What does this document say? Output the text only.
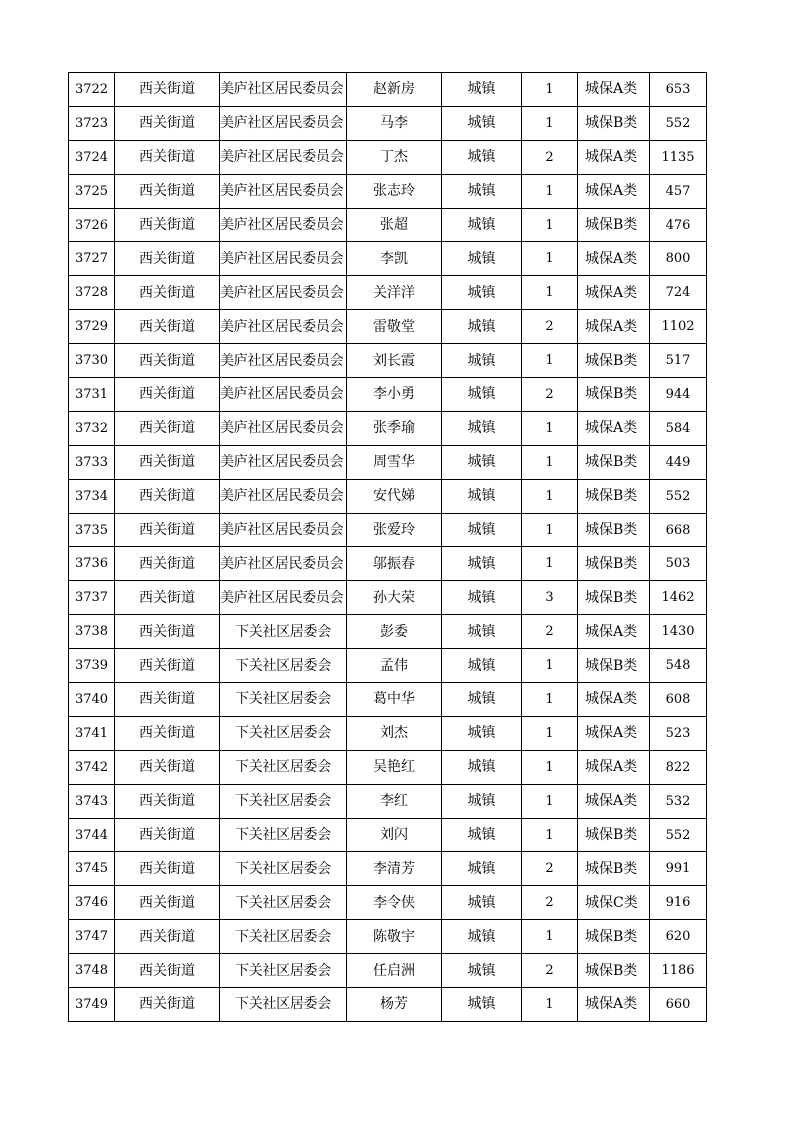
3722	西关街道	美庐社区居民委员会	赵新房	城镇	1	城保A类	653
3723	西关街道	美庐社区居民委员会	马李	城镇	1	城保B类	552
3724	西关街道	美庐社区居民委员会	丁杰	城镇	2	城保A类	1135
3725	西关街道	美庐社区居民委员会	张志玲	城镇	1	城保A类	457
3726	西关街道	美庐社区居民委员会	张超	城镇	1	城保B类	476
3727	西关街道	美庐社区居民委员会	李凯	城镇	1	城保A类	800
3728	西关街道	美庐社区居民委员会	关洋洋	城镇	1	城保A类	724
3729	西关街道	美庐社区居民委员会	雷敬堂	城镇	2	城保A类	1102
3730	西关街道	美庐社区居民委员会	刘长霞	城镇	1	城保B类	517
3731	西关街道	美庐社区居民委员会	李小勇	城镇	2	城保B类	944
3732	西关街道	美庐社区居民委员会	张季瑜	城镇	1	城保A类	584
3733	西关街道	美庐社区居民委员会	周雪华	城镇	1	城保B类	449
3734	西关街道	美庐社区居民委员会	安代娣	城镇	1	城保B类	552
3735	西关街道	美庐社区居民委员会	张爱玲	城镇	1	城保B类	668
3736	西关街道	美庐社区居民委员会	邬振春	城镇	1	城保B类	503
3737	西关街道	美庐社区居民委员会	孙大荣	城镇	3	城保B类	1462
3738	西关街道	下关社区居委会	彭委	城镇	2	城保A类	1430
3739	西关街道	下关社区居委会	孟伟	城镇	1	城保B类	548
3740	西关街道	下关社区居委会	葛中华	城镇	1	城保A类	608
3741	西关街道	下关社区居委会	刘杰	城镇	1	城保A类	523
3742	西关街道	下关社区居委会	吴艳红	城镇	1	城保A类	822
3743	西关街道	下关社区居委会	李红	城镇	1	城保A类	532
3744	西关街道	下关社区居委会	刘闪	城镇	1	城保B类	552
3745	西关街道	下关社区居委会	李清芳	城镇	2	城保B类	991
3746	西关街道	下关社区居委会	李令侠	城镇	2	城保C类	916
3747	西关街道	下关社区居委会	陈敬宇	城镇	1	城保B类	620
3748	西关街道	下关社区居委会	任启洲	城镇	2	城保B类	1186
3749	西关街道	下关社区居委会	杨芳	城镇	1	城保A类	660
